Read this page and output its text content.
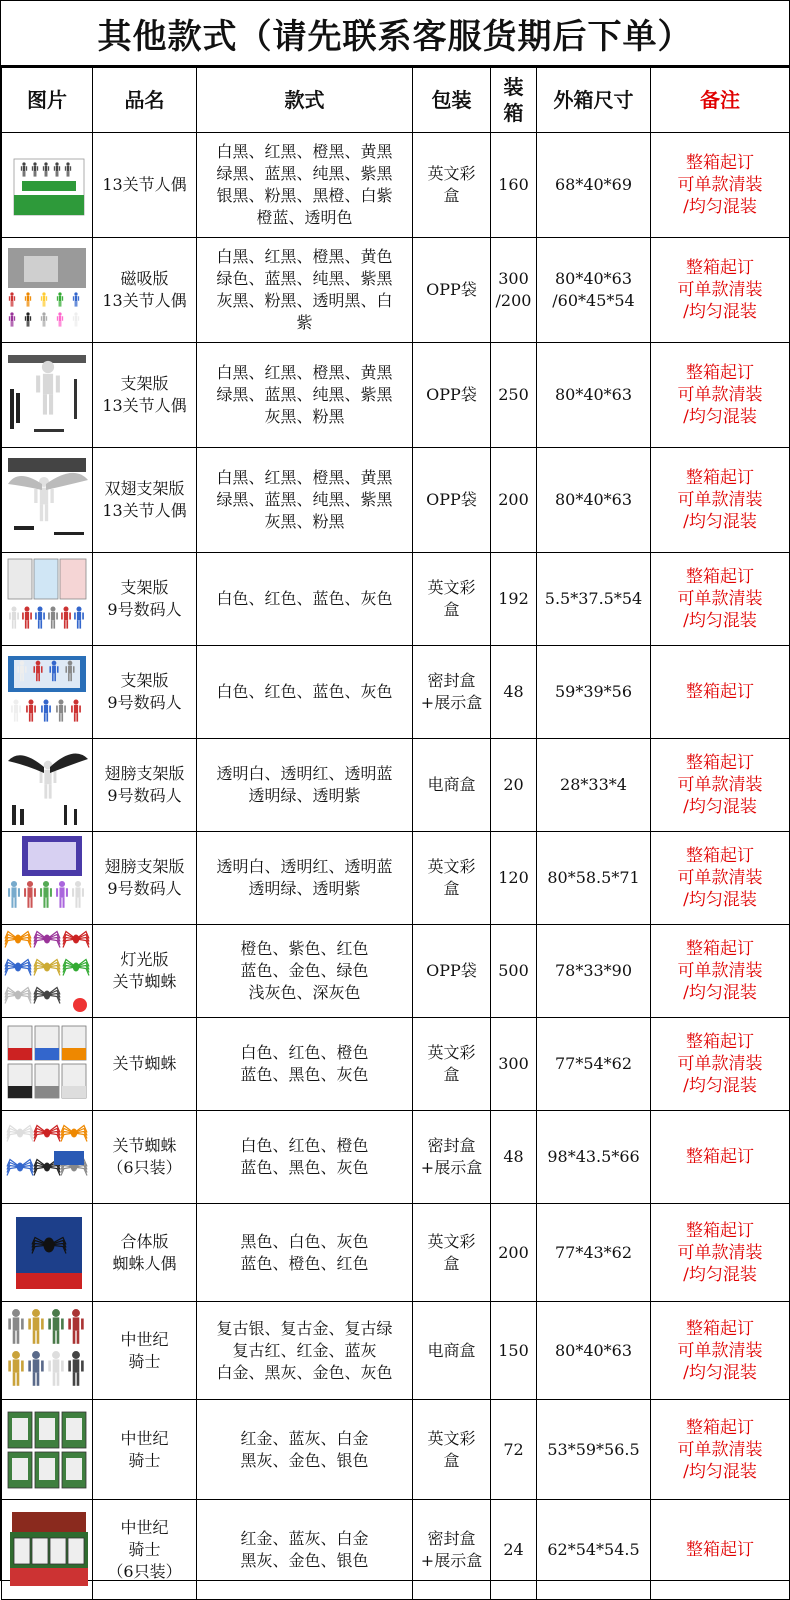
其他款式（请先联系客服货期后下单）
图片	品名	款式	包装	装箱	外箱尺寸	备注

	13关节人偶	白黑、红黑、橙黑、黄黑
绿黑、蓝黑、纯黑、紫黑
银黑、粉黑、黑橙、白紫
橙蓝、透明色	英文彩
盒	160	68*40*69	整箱起订
可单款清装
/均匀混装

	磁吸版
13关节人偶	白黑、红黑、橙黑、黄色
绿色、蓝黑、纯黑、紫黑
灰黑、粉黑、透明黑、白
紫	OPP袋	300
/200	80*40*63
/60*45*54	整箱起订
可单款清装
/均匀混装

	支架版
13关节人偶	白黑、红黑、橙黑、黄黑
绿黑、蓝黑、纯黑、紫黑
灰黑、粉黑	OPP袋	250	80*40*63	整箱起订
可单款清装
/均匀混装

	双翅支架版
13关节人偶	白黑、红黑、橙黑、黄黑
绿黑、蓝黑、纯黑、紫黑
灰黑、粉黑	OPP袋	200	80*40*63	整箱起订
可单款清装
/均匀混装

	支架版
9号数码人	白色、红色、蓝色、灰色	英文彩
盒	192	5.5*37.5*54	整箱起订
可单款清装
/均匀混装

	支架版
9号数码人	白色、红色、蓝色、灰色	密封盒
+展示盒	48	59*39*56	整箱起订

	翅膀支架版
9号数码人	透明白、透明红、透明蓝
透明绿、透明紫	电商盒	20	28*33*4	整箱起订
可单款清装
/均匀混装

	翅膀支架版
9号数码人	透明白、透明红、透明蓝
透明绿、透明紫	英文彩
盒	120	80*58.5*71	整箱起订
可单款清装
/均匀混装

	灯光版
关节蜘蛛	橙色、紫色、红色
蓝色、金色、绿色
浅灰色、深灰色	OPP袋	500	78*33*90	整箱起订
可单款清装
/均匀混装

	关节蜘蛛	白色、红色、橙色
蓝色、黑色、灰色	英文彩
盒	300	77*54*62	整箱起订
可单款清装
/均匀混装

	关节蜘蛛
（6只装）	白色、红色、橙色
蓝色、黑色、灰色	密封盒
+展示盒	48	98*43.5*66	整箱起订

	合体版
蜘蛛人偶	黑色、白色、灰色
蓝色、橙色、红色	英文彩
盒	200	77*43*62	整箱起订
可单款清装
/均匀混装

	中世纪
骑士	复古银、复古金、复古绿
复古红、红金、蓝灰
白金、黑灰、金色、灰色	电商盒	150	80*40*63	整箱起订
可单款清装
/均匀混装

	中世纪
骑士	红金、蓝灰、白金
黑灰、金色、银色	英文彩
盒	72	53*59*56.5	整箱起订
可单款清装
/均匀混装

	中世纪
骑士
（6只装）	红金、蓝灰、白金
黑灰、金色、银色	密封盒
+展示盒	24	62*54*54.5	整箱起订
